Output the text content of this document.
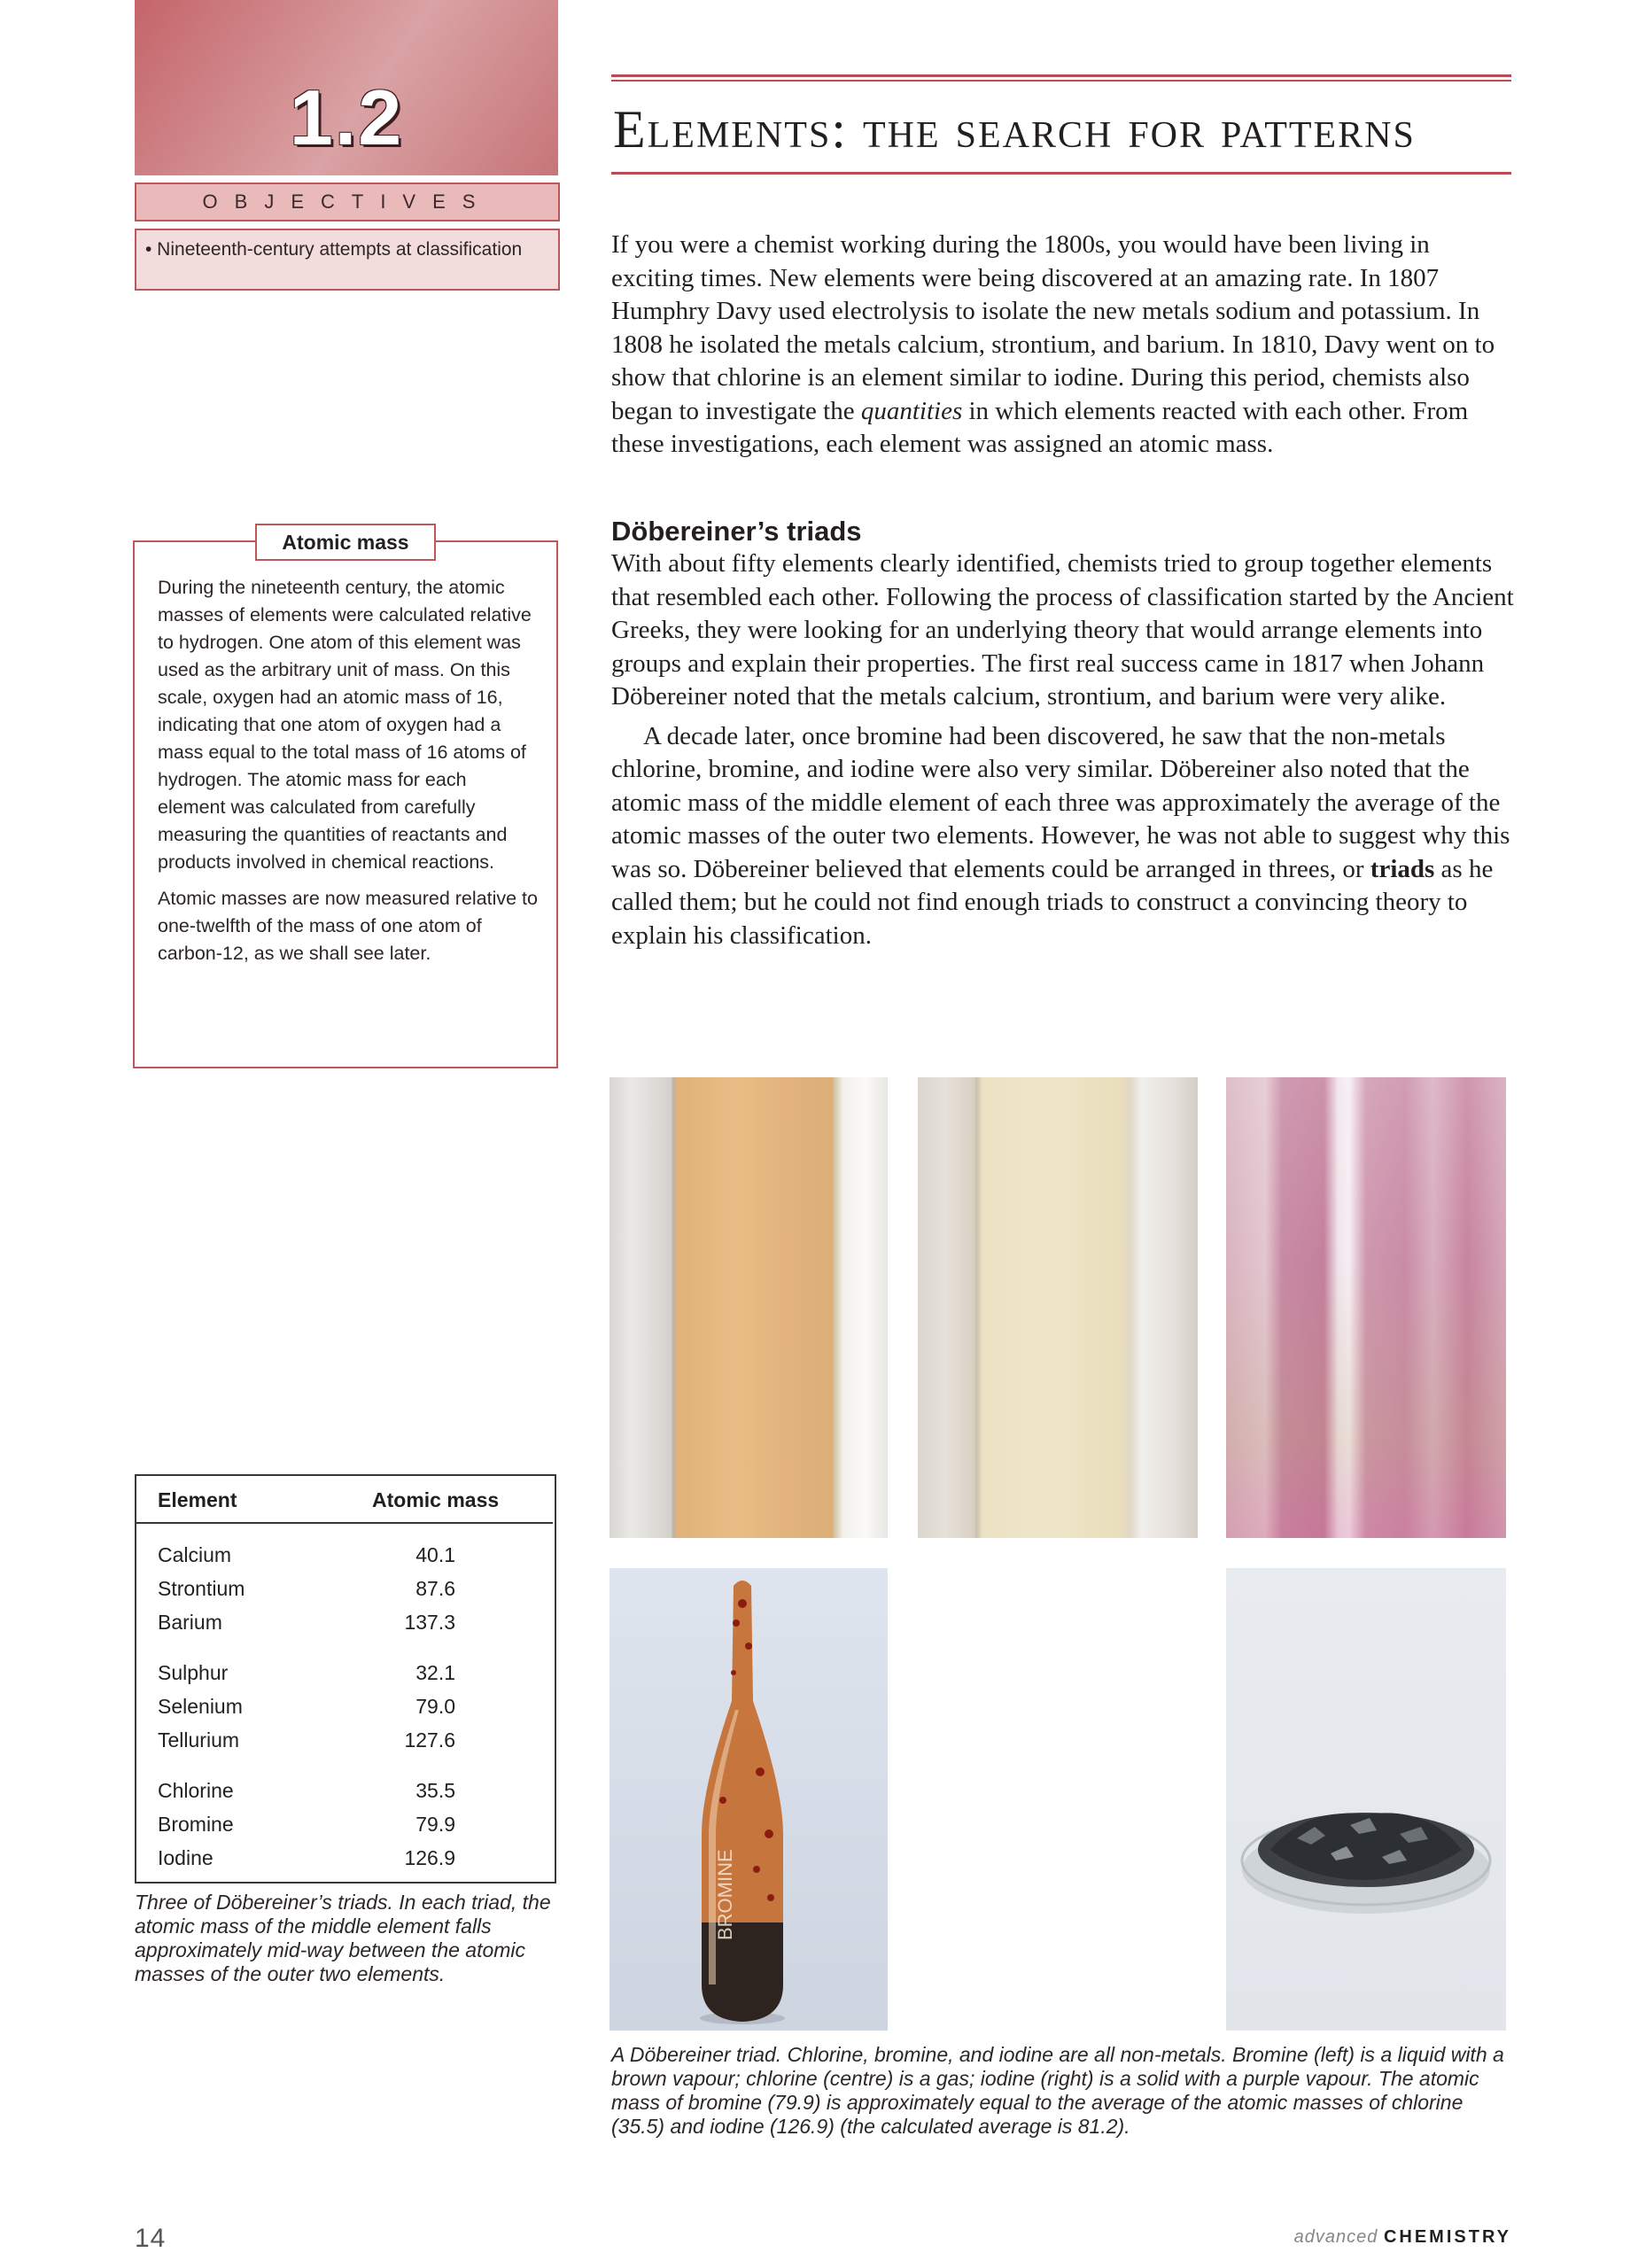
1.2
OBJECTIVES
• Nineteenth-century attempts at classification
Elements: the search for patterns

If you were a chemist working during the 1800s, you would have been living in exciting times. New elements were being discovered at an amazing rate. In 1807 Humphry Davy used electrolysis to isolate the new metals sodium and potassium. In 1808 he isolated the metals calcium, strontium, and barium. In 1810, Davy went on to show that chlorine is an element similar to iodine. During this period, chemists also began to investigate the quantities in which elements reacted with each other. From these investigations, each element was assigned an atomic mass.

Döbereiner’s triads

With about fifty elements clearly identified, chemists tried to group together elements that resembled each other. Following the process of classification started by the Ancient Greeks, they were looking for an underlying theory that would arrange elements into groups and explain their properties. The first real success came in 1817 when Johann Döbereiner noted that the metals calcium, strontium, and barium were very alike.

A decade later, once bromine had been discovered, he saw that the non-metals chlorine, bromine, and iodine were also very similar. Döbereiner also noted that the atomic mass of the middle element of each three was approximately the average of the atomic masses of the outer two elements. However, he was not able to suggest why this was so. Döbereiner believed that elements could be arranged in threes, or triads as he called them; but he could not find enough triads to construct a convincing theory to explain his classification.

Atomic mass

During the nineteenth century, the atomic masses of elements were calculated relative to hydrogen. One atom of this element was used as the arbitrary unit of mass. On this scale, oxygen had an atomic mass of 16, indicating that one atom of oxygen had a mass equal to the total mass of 16 atoms of hydrogen. The atomic mass for each element was calculated from carefully measuring the quantities of reactants and products involved in chemical reactions.

Atomic masses are now measured relative to one-twelfth of the mass of one atom of carbon-12, as we shall see later.

Element	Atomic mass
Calcium	40.1
Strontium	87.6
Barium	137.3
Sulphur	32.1
Selenium	79.0
Tellurium	127.6
Chlorine	35.5
Bromine	79.9
Iodine	126.9
Three of Döbereiner’s triads. In each triad, the atomic mass of the middle element falls approximately mid-way between the atomic masses of the outer two elements.
BROMINE
A Döbereiner triad. Chlorine, bromine, and iodine are all non-metals. Bromine (left) is a liquid with a brown vapour; chlorine (centre) is a gas; iodine (right) is a solid with a purple vapour. The atomic mass of bromine (79.9) is approximately equal to the average of the atomic masses of chlorine (35.5) and iodine (126.9) (the calculated average is 81.2).
14	advanced CHEMISTRY
